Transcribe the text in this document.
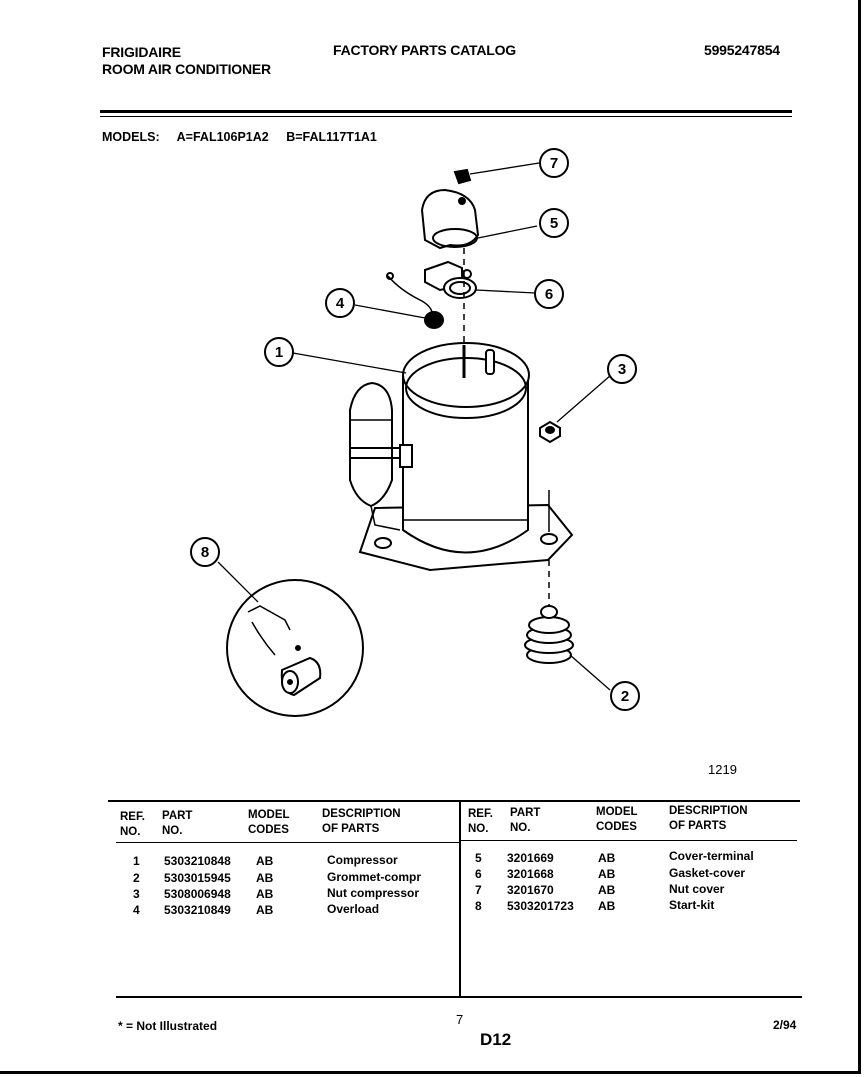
FRIGIDAIRE
ROOM AIR CONDITIONER
FACTORY PARTS CATALOG	5995247854
MODELS: A=FAL106P1A2 B=FAL117T1A1
1
2
3
4
5
6
7
8
1219
REF.
NO.
PART
NO.
MODEL
CODES
DESCRIPTION
OF PARTS
REF.
NO.
PART
NO.
MODEL
CODES
DESCRIPTION
OF PARTS
1 5303210848 AB	Compressor
2 5303015945 AB	Grommet-compr
3 5308006948 AB	Nut compressor
4 5303210849 AB	Overload
5 3201669	AB	Cover-terminal
6 3201668	AB	Gasket-cover
7 3201670	AB	Nut cover
8 5303201723 AB	Start-kit
* = Not Illustrated	7
D12
2/94
